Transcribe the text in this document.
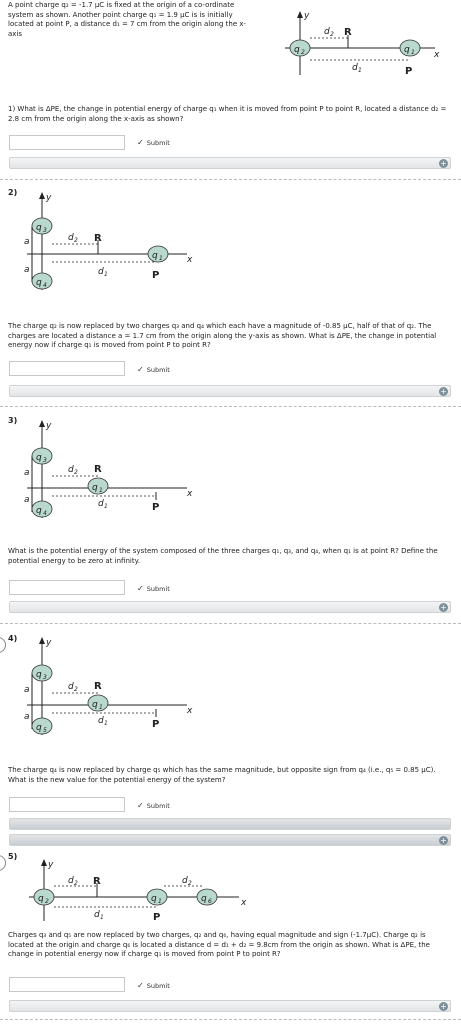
A point charge q₂ = -1.7 μC is fixed at the origin of a co-ordinate system as shown. Another point charge q₁ = 1.9 μC is is initially located at point P, a distance d₁ = 7 cm from the origin along the x-axis
y
R
d 2
d 1	P
x
q 2	q 1
1) What is ΔPE, the change in potential energy of charge q₁ when it is moved from point P to point R, located a distance d₂ = 2.8 cm from the origin along the x-axis as shown?
✓ Submit
+
2)
y
a
a
R
d 2
d 1	P
x
q 3
q 4
q 1
The charge q₂ is now replaced by two charges q₃ and q₄ which each have a magnitude of -0.85 μC, half of that of q₂. The charges are located a distance a = 1.7 cm from the origin along the y-axis as shown. What is ΔPE, the change in potential energy now if charge q₁ is moved from point P to point R?
✓ Submit
+
3)
y
a
a
R
d 2
d 1	P
x
q 3
q 4
q 1
What is the potential energy of the system composed of the three charges q₁, q₃, and q₄, when q₁ is at point R? Define the potential energy to be zero at infinity.
✓ Submit
+
4)	y
a
a
R
d 2
d 1	P
x
q 3
q 5
q 1
The charge q₄ is now replaced by charge q₅ which has the same magnitude, but opposite sign from q₄ (i.e., q₅ = 0.85 μC). What is the new value for the potential energy of the system?
✓ Submit
+
5)
y
R
d 2	d 2
d 1	P
x
q 2	q 1	q 6
Charges q₃ and q₅ are now replaced by two charges, q₂ and q₆, having equal magnitude and sign (-1.7μC). Charge q₂ is located at the origin and charge q₆ is located a distance d = d₁ + d₂ = 9.8cm from the origin as shown. What is ΔPE, the change in potential energy now if charge q₁ is moved from point P to point R?
✓ Submit
+
